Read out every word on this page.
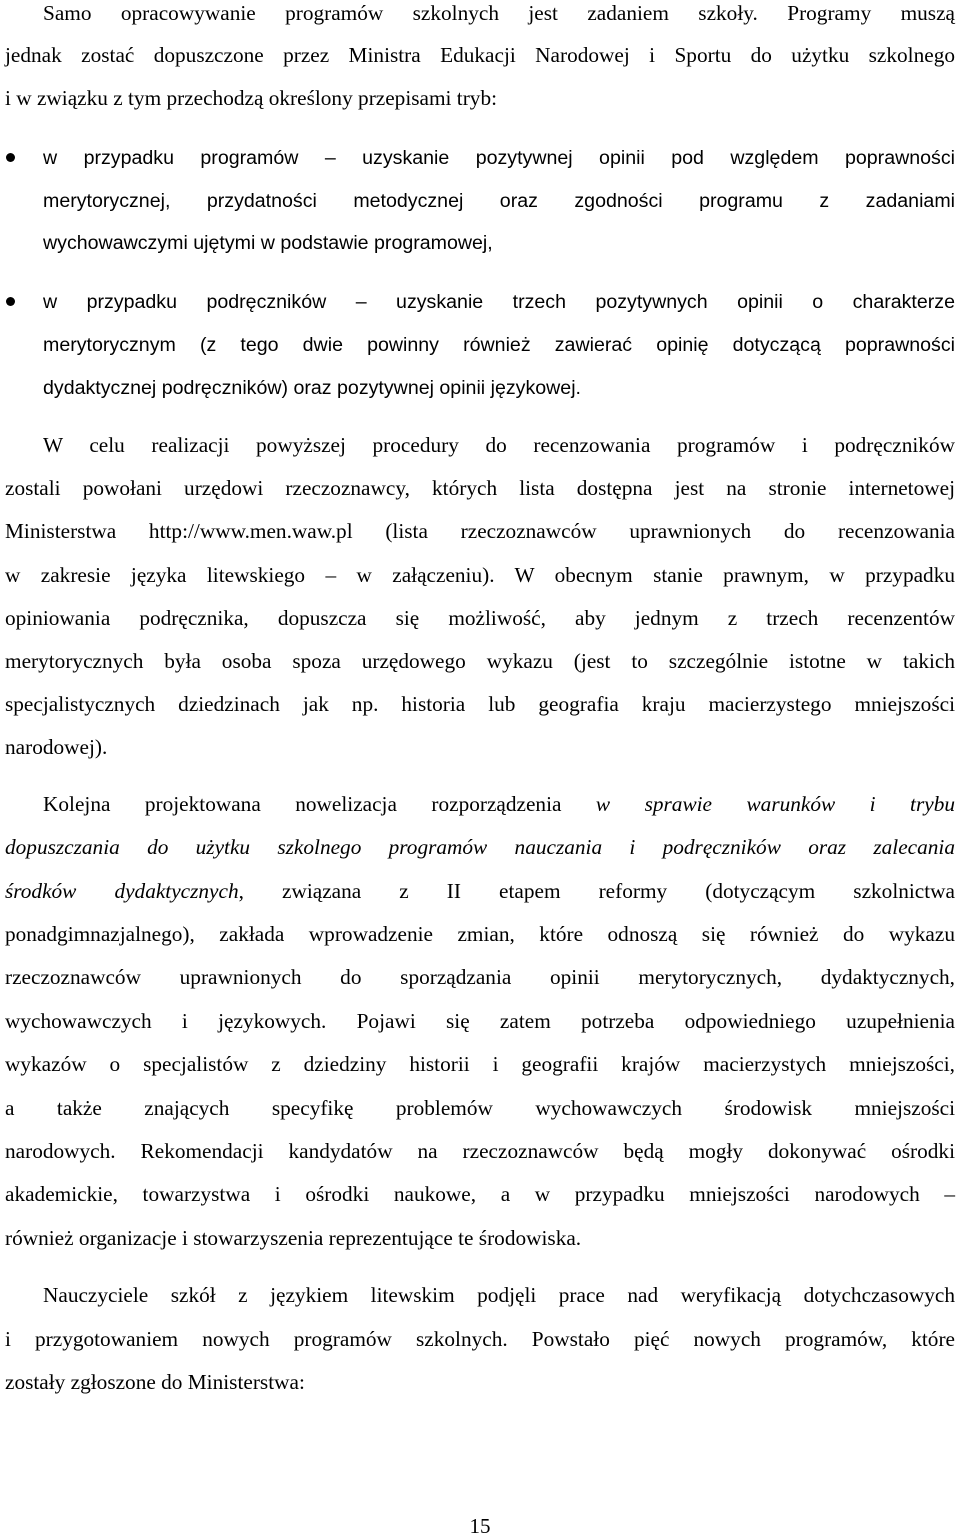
Samo opracowywanie programów szkolnych jest zadaniem szkoły. Programy muszą
jednak zostać dopuszczone przez Ministra Edukacji Narodowej i Sportu do użytku szkolnego
i w związku z tym przechodzą określony przepisami tryb:
w przypadku programów – uzyskanie pozytywnej opinii pod względem poprawności
merytorycznej, przydatności metodycznej oraz zgodności programu z zadaniami
wychowawczymi ujętymi w podstawie programowej,
w przypadku podręczników – uzyskanie trzech pozytywnych opinii o charakterze
merytorycznym (z tego dwie powinny również zawierać opinię dotyczącą poprawności
dydaktycznej podręczników) oraz pozytywnej opinii językowej.
W celu realizacji powyższej procedury do recenzowania programów i podręczników
zostali powołani urzędowi rzeczoznawcy, których lista dostępna jest na stronie internetowej
Ministerstwa http://www.men.waw.pl (lista rzeczoznawców uprawnionych do recenzowania
w zakresie języka litewskiego – w załączeniu). W obecnym stanie prawnym, w przypadku
opiniowania podręcznika, dopuszcza się możliwość, aby jednym z trzech recenzentów
merytorycznych była osoba spoza urzędowego wykazu (jest to szczególnie istotne w takich
specjalistycznych dziedzinach jak np. historia lub geografia kraju macierzystego mniejszości
narodowej).
Kolejna projektowana nowelizacja rozporządzenia w sprawie warunków i trybu
dopuszczania do użytku szkolnego programów nauczania i podręczników oraz zalecania
środków dydaktycznych, związana z II etapem reformy (dotyczącym szkolnictwa
ponadgimnazjalnego), zakłada wprowadzenie zmian, które odnoszą się również do wykazu
rzeczoznawców uprawnionych do sporządzania opinii merytorycznych, dydaktycznych,
wychowawczych i językowych. Pojawi się zatem potrzeba odpowiedniego uzupełnienia
wykazów o specjalistów z dziedziny historii i geografii krajów macierzystych mniejszości,
a także znających specyfikę problemów wychowawczych środowisk mniejszości
narodowych. Rekomendacji kandydatów na rzeczoznawców będą mogły dokonywać ośrodki
akademickie, towarzystwa i ośrodki naukowe, a w przypadku mniejszości narodowych –
również organizacje i stowarzyszenia reprezentujące te środowiska.
Nauczyciele szkół z językiem litewskim podjęli prace nad weryfikacją dotychczasowych
i przygotowaniem nowych programów szkolnych. Powstało pięć nowych programów, które
zostały zgłoszone do Ministerstwa:
15
